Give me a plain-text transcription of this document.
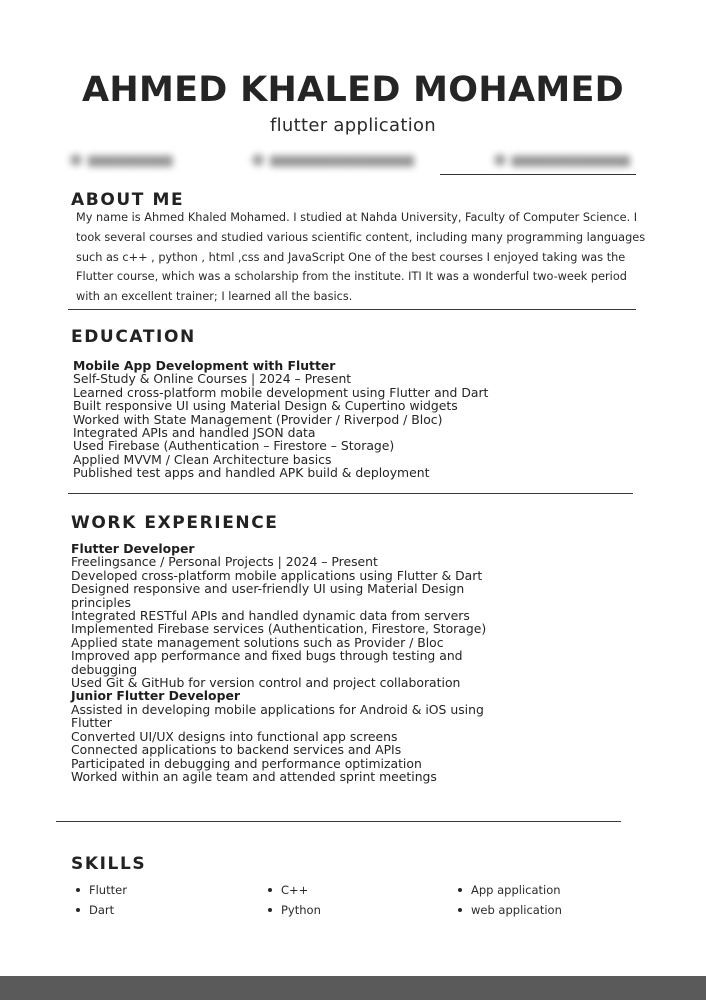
AHMED KHALED MOHAMED

flutter application

▇▇▇▇▇▇▇▇▇▇	▇▇▇▇▇▇▇▇▇▇▇▇▇▇▇▇▇	▇▇▇▇▇▇▇▇▇▇▇▇▇▇
ABOUT ME

My name is Ahmed Khaled Mohamed. I studied at Nahda University, Faculty of Computer Science. I took several courses and studied various scientific content, including many programming languages such as c++ , python , html ,css and JavaScript One of the best courses I enjoyed taking was the Flutter course, which was a scholarship from the institute. ITI It was a wonderful two-week period with an excellent trainer; I learned all the basics.

EDUCATION

Mobile App Development with Flutter

Self-Study & Online Courses | 2024 – Present

Learned cross-platform mobile development using Flutter and Dart

Built responsive UI using Material Design & Cupertino widgets

Worked with State Management (Provider / Riverpod / Bloc)

Integrated APIs and handled JSON data

Used Firebase (Authentication – Firestore – Storage)

Applied MVVM / Clean Architecture basics

Published test apps and handled APK build & deployment

WORK EXPERIENCE

Flutter Developer

Freelingsance / Personal Projects | 2024 – Present

Developed cross-platform mobile applications using Flutter & Dart

Designed responsive and user-friendly UI using Material Design

principles

Integrated RESTful APIs and handled dynamic data from servers

Implemented Firebase services (Authentication, Firestore, Storage)

Applied state management solutions such as Provider / Bloc

Improved app performance and fixed bugs through testing and

debugging

Used Git & GitHub for version control and project collaboration

Junior Flutter Developer

Assisted in developing mobile applications for Android & iOS using

Flutter

Converted UI/UX designs into functional app screens

Connected applications to backend services and APIs

Participated in debugging and performance optimization

Worked within an agile team and attended sprint meetings

SKILLS
Flutter
Dart
C++
Python
App application
web application
